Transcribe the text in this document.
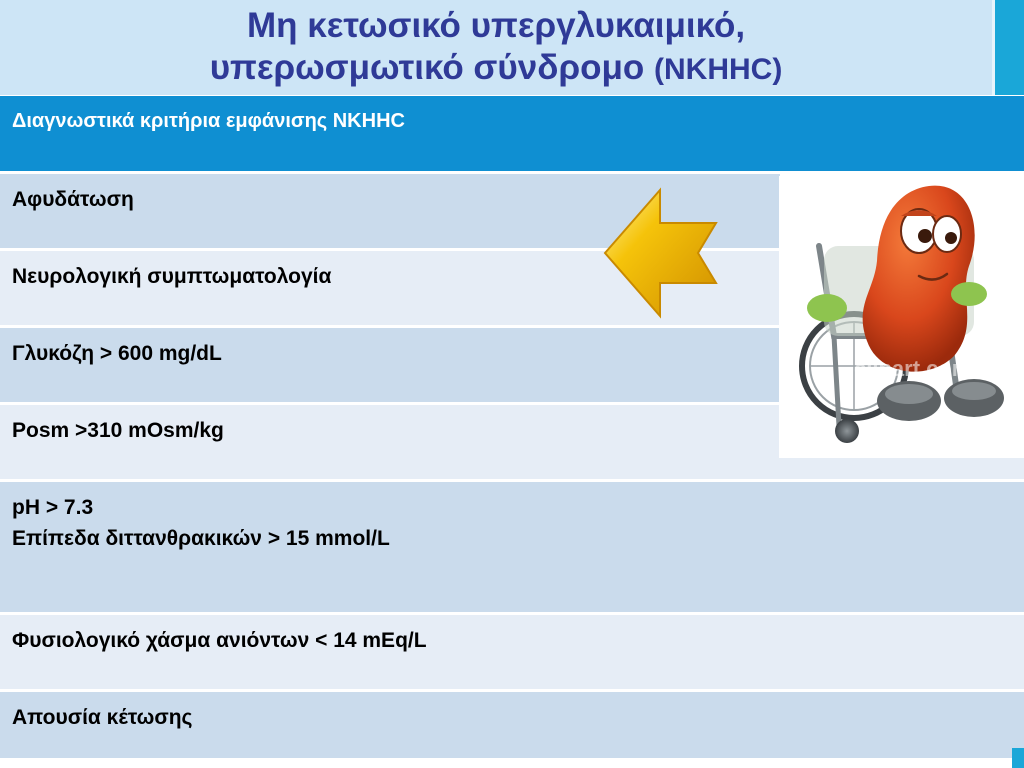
Μη κετωσικό υπεργλυκαιμικό,
υπερωσμωτικό σύνδρομο (NKHHC)
Διαγνωστικά κριτήρια εμφάνισης NKHHC
Αφυδάτωση
Νευρολογική συμπτωματολογία
Γλυκόζη > 600 mg/dL
Posm >310 mOsm/kg
pH > 7.3
Επίπεδα διττανθρακικών > 15 mmol/L
Φυσιολογικό χάσμα ανιόντων < 14 mEq/L
Απουσία κέτωσης
clipart.com
